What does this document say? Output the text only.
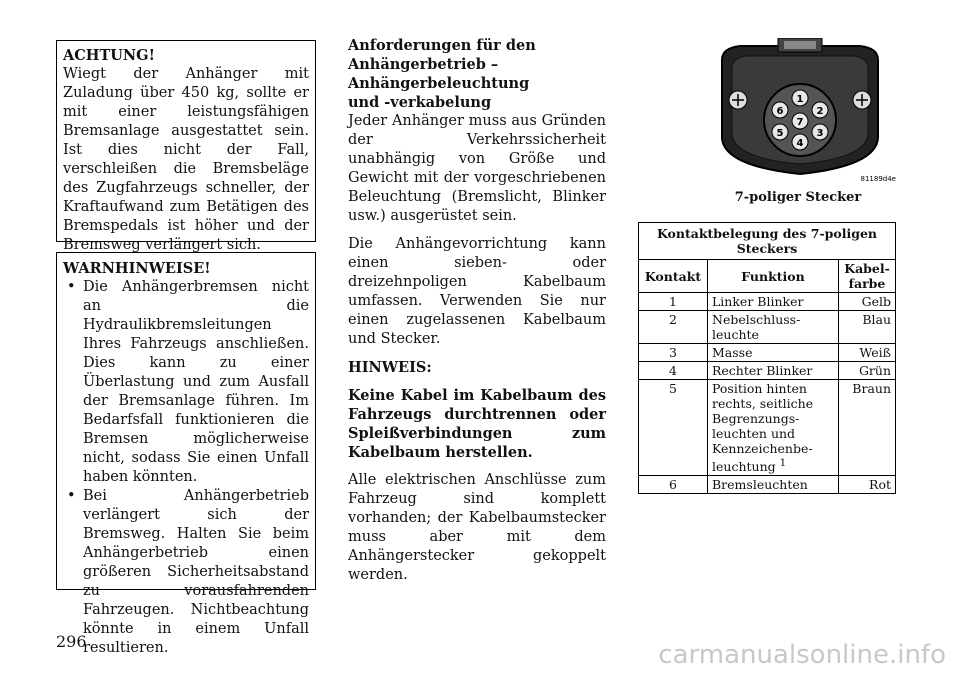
ACHTUNG!
Wiegt der Anhänger mit Zuladung über 450 kg, sollte er mit einer leistungsfähigen Bremsanlage ausgestattet sein. Ist dies nicht der Fall, verschleißen die Bremsbeläge des Zugfahrzeugs schneller, der Kraftaufwand zum Betätigen des Bremspedals ist höher und der Bremsweg verlängert sich.
WARNHINWEISE!
• Die Anhängerbremsen nicht an die Hydraulikbremsleitungen Ihres Fahrzeugs anschließen. Dies kann zu einer Überlastung und zum Ausfall der Bremsanlage führen. Im Bedarfsfall funktionieren die Bremsen möglicherweise nicht, sodass Sie einen Unfall haben könnten.
• Bei Anhängerbetrieb verlängert sich der Bremsweg. Halten Sie beim Anhängerbetrieb einen größeren Sicherheitsabstand zu vorausfahrenden Fahrzeugen. Nichtbeachtung könnte in einem Unfall resultieren.

Anforderungen für den Anhängerbetrieb – Anhängerbeleuchtung und -verkabelung

Jeder Anhänger muss aus Gründen der Verkehrssicherheit unabhängig von Größe und Gewicht mit der vorgeschriebenen Beleuchtung (Bremslicht, Blinker usw.) ausgerüstet sein.

Die Anhängevorrichtung kann einen sieben- oder dreizehnpoligen Kabelbaum umfassen. Verwenden Sie nur einen zugelassenen Kabelbaum und Stecker.

HINWEIS:

Keine Kabel im Kabelbaum des Fahrzeugs durchtrennen oder Spleißverbindungen zum Kabelbaum herstellen.

Alle elektrischen Anschlüsse zum Fahrzeug sind komplett vorhanden; der Kabelbaumstecker muss aber mit dem Anhängerstecker gekoppelt werden.

1
2
3
4
5
6
7
81189d4e
7-poliger Stecker
Kontaktbelegung des 7-poligen Steckers		
Kontakt	Funktion	Kabel-farbe
1	Linker Blinker	Gelb
2	Nebelschluss-leuchte	Blau
3	Masse	Weiß
4	Rechter Blinker	Grün
5	Position hinten rechts, seitliche Begrenzungs-leuchten und Kennzeichenbe-leuchtung $^1$	Braun
6	Bremsleuchten	Rot
296	carmanualsonline.info
